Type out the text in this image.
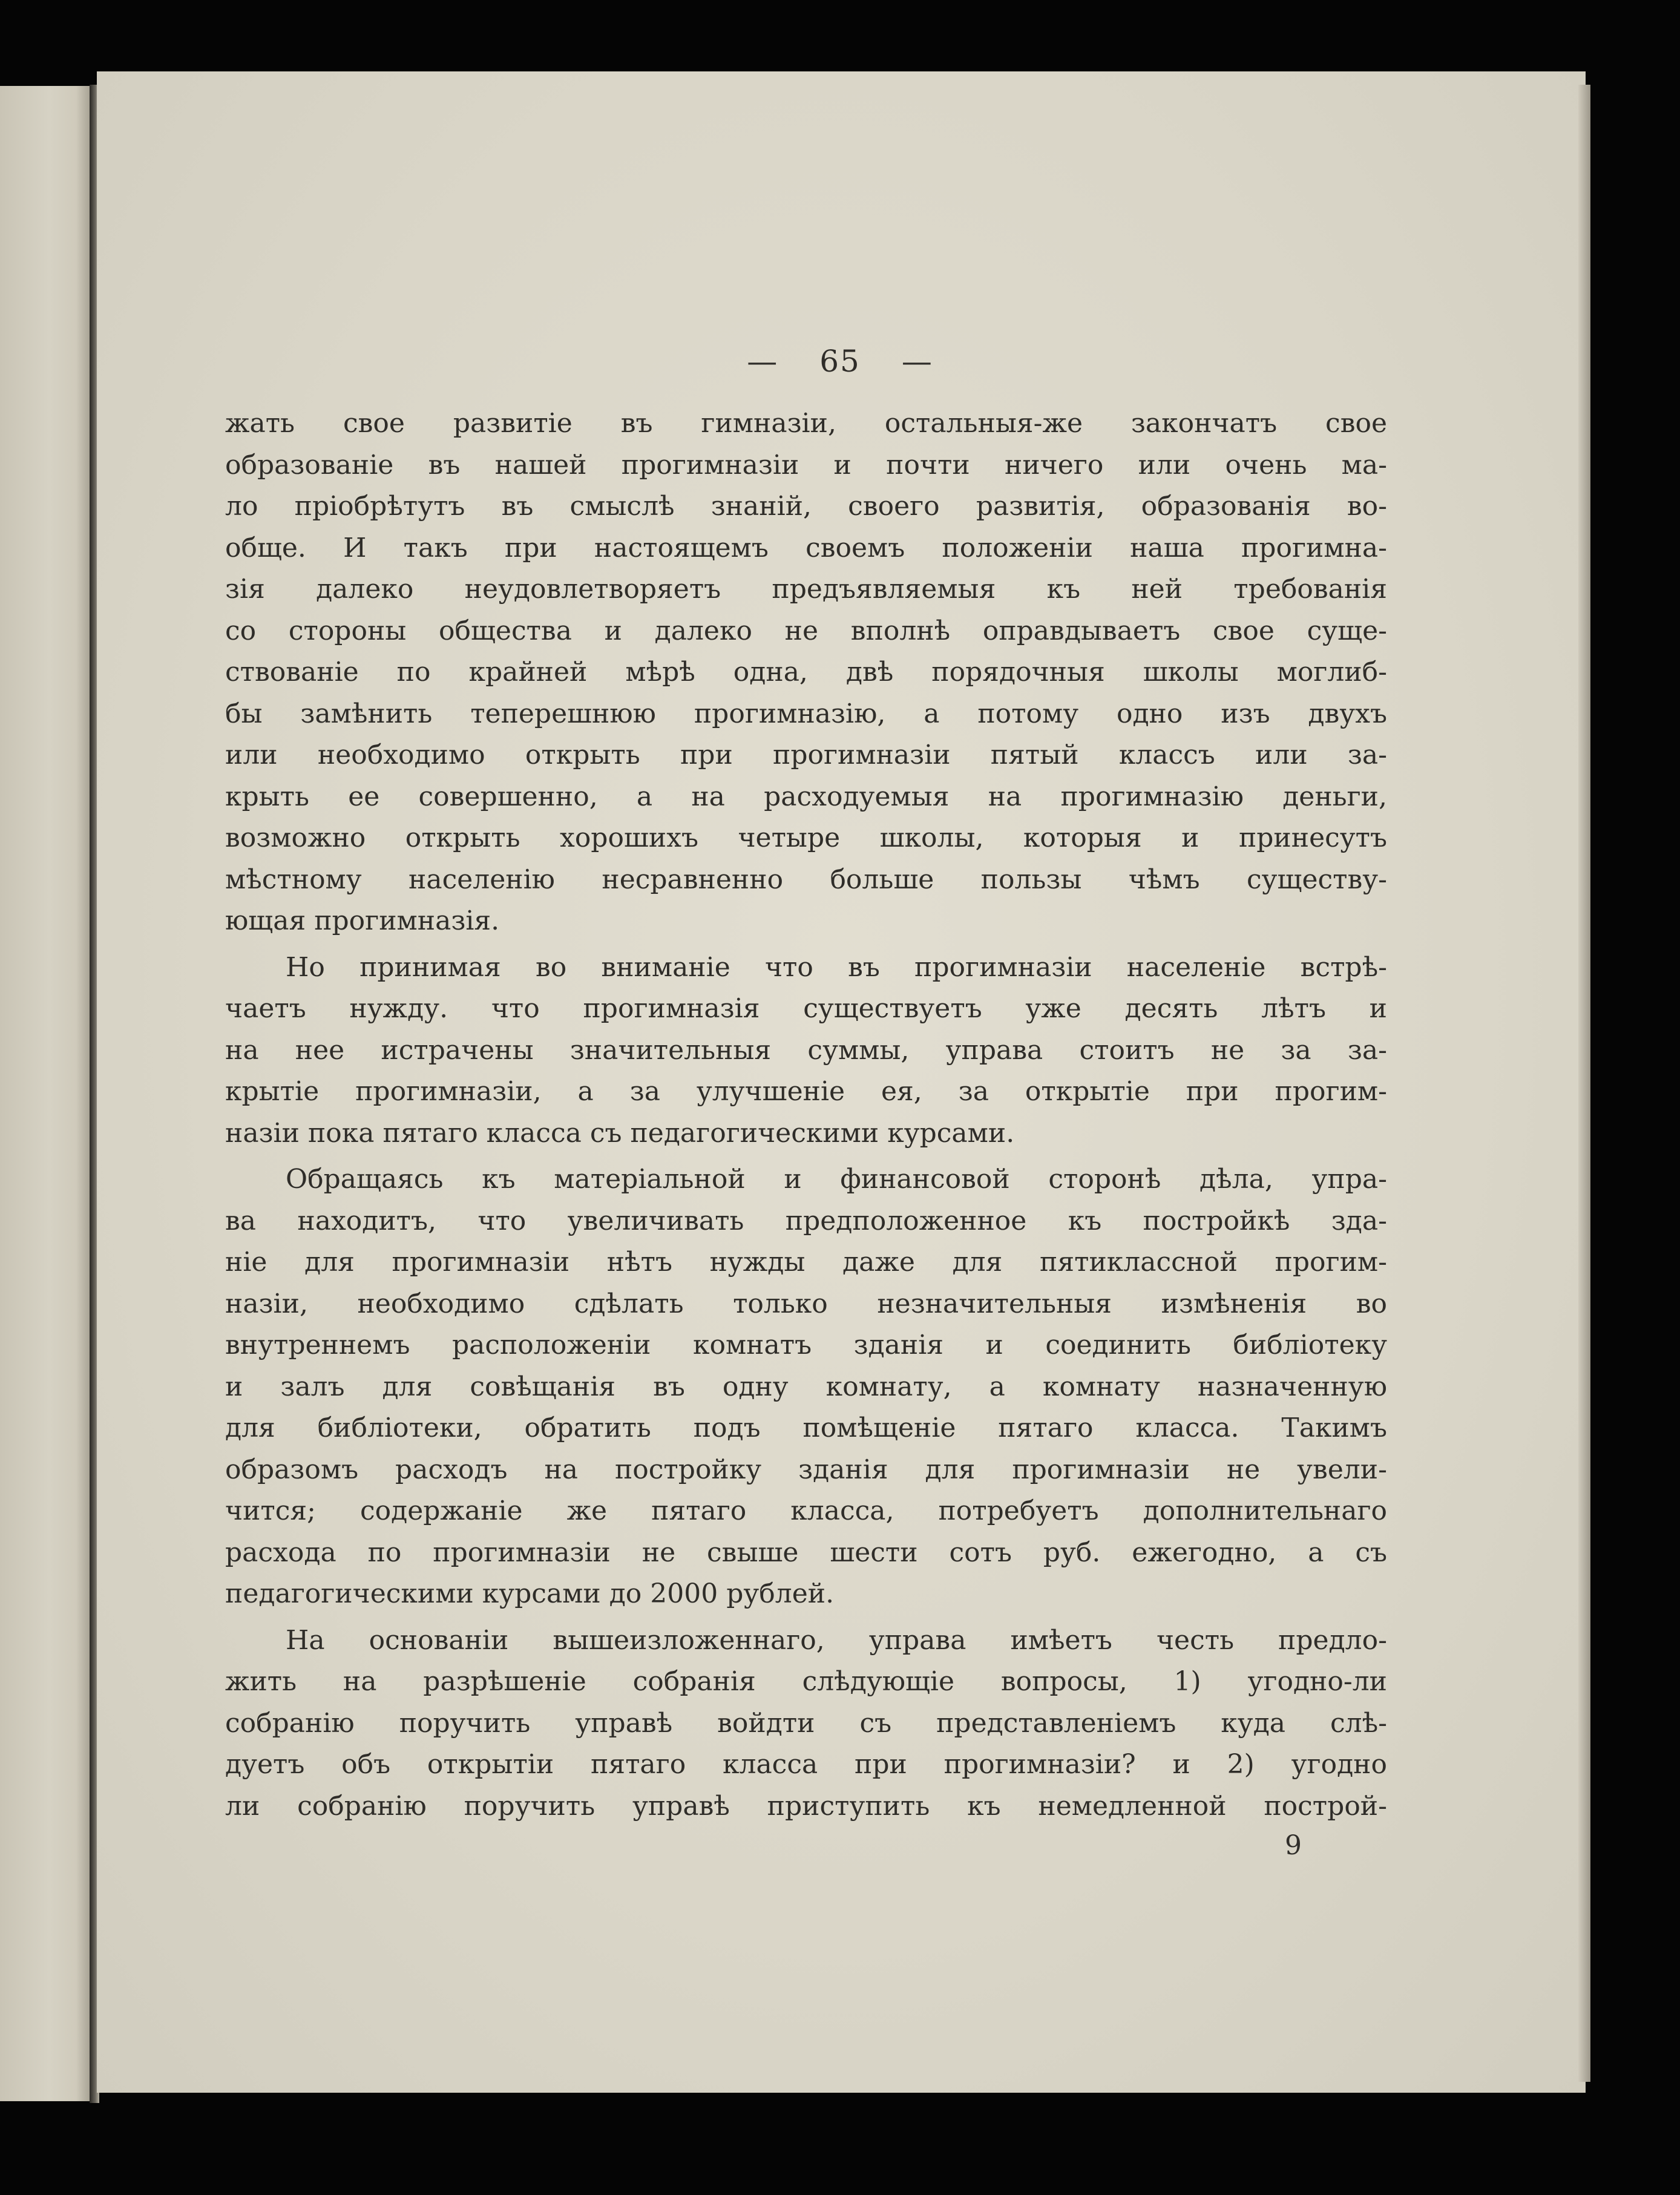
— 65 —
жать свое развитіе въ гимназіи, остальныя-же закончатъ свое
образованіе въ нашей прогимназіи и почти ничего или очень ма-
ло пріобрѣтутъ въ смыслѣ знаній, своего развитія, образованія во-
обще. И такъ при настоящемъ своемъ положеніи наша прогимна-
зія далеко неудовлетворяетъ предъявляемыя къ ней требованія
со стороны общества и далеко не вполнѣ оправдываетъ свое суще-
ствованіе по крайней мѣрѣ одна, двѣ порядочныя школы моглиб-
бы замѣнить теперешнюю прогимназію, а потому одно изъ двухъ
или необходимо открыть при прогимназіи пятый классъ или за-
крыть ее совершенно, а на расходуемыя на прогимназію деньги,
возможно открыть хорошихъ четыре школы, которыя и принесутъ
мѣстному населенію несравненно больше пользы чѣмъ существу-
ющая прогимназія.
Но принимая во вниманіе что въ прогимназіи населеніе встрѣ-
чаетъ нужду. что прогимназія существуетъ уже десять лѣтъ и
на нее истрачены значительныя суммы, управа стоитъ не за за-
крытіе прогимназіи, а за улучшеніе ея, за открытіе при прогим-
назіи пока пятаго класса съ педагогическими курсами.
Обращаясь къ матеріальной и финансовой сторонѣ дѣла, упра-
ва находитъ, что увеличивать предположенное къ постройкѣ зда-
ніе для прогимназіи нѣтъ нужды даже для пятиклассной прогим-
назіи, необходимо сдѣлать только незначительныя измѣненія во
внутреннемъ расположеніи комнатъ зданія и соединить библіотеку
и залъ для совѣщанія въ одну комнату, а комнату назначенную
для библіотеки, обратить подъ помѣщеніе пятаго класса. Такимъ
образомъ расходъ на постройку зданія для прогимназіи не увели-
чится; содержаніе же пятаго класса, потребуетъ дополнительнаго
расхода по прогимназіи не свыше шести сотъ руб. ежегодно, а съ
педагогическими курсами до 2000 рублей.
На основаніи вышеизложеннаго, управа имѣетъ честь предло-
жить на разрѣшеніе собранія слѣдующіе вопросы, 1) угодно-ли
собранію поручить управѣ войдти съ представленіемъ куда слѣ-
дуетъ объ открытіи пятаго класса при прогимназіи? и 2) угодно
ли собранію поручить управѣ приступить къ немедленной построй-
9
